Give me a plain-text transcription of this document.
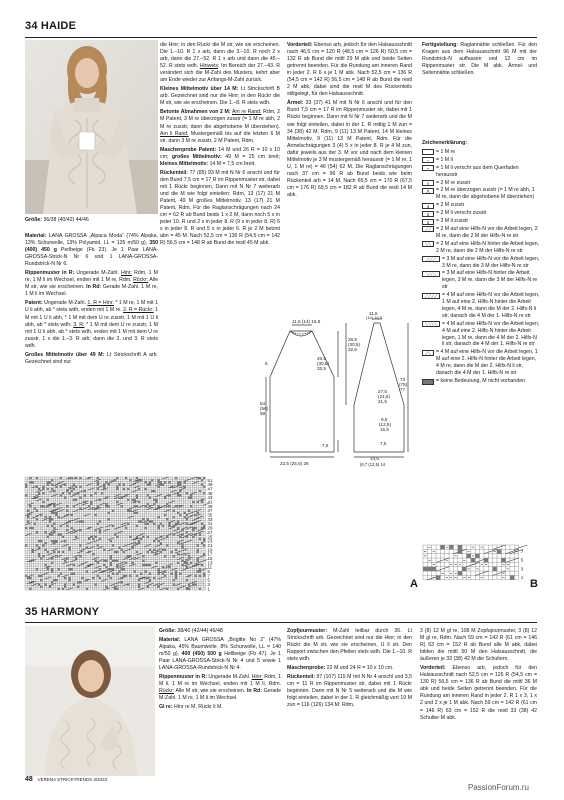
34 HAIDE
Größe: 36/38 (40/42) 44/46

Material: LANA GROSSA „Alpaca Moda“ (74% Alpaka, 13% Schurwolle, 13% Polyamid, LL = 135 m/50 g), 350 (400) 450 g Perlbeige (Fb 23). Je 1 Paar LANA-GROSSA-Strick-N Nr 6 und 1 LANA-GROSSA-Rundstrick-N Nr 6.

Rippenmuster in R: Ungerade M-Zahl. Hinr: Rdm, 1 M re, 1 M li im Wechsel, enden mit 1 M re, Rdm. Rückr: Alle M str, wie sie erscheinen. In Rd: Gerade M-Zahl. 1 M re, 1 M li im Wechsel.

Patent: Ungerade M-Zahl. 1. R = Hinr: * 1 M re, 1 M mit 1 U li abh, ab * stets wdh, enden mit 1 M re. 2. R = Rückr: 1 M mit 1 U li abh, * 1 M mit dem U re zusstr, 1 M mit 1 U li abh, ab * stets wdh. 3. R: * 1 M mit dem U re zusstr, 1 M mit 1 U li abh, ab * stets wdh, enden mit 1 M mit dem U re zusstr. 1 x die 1.–3. R arb, dann die 2. und 3. R stets wdh.

Großes Mittelmotiv über 49 M: Lt Strickschrift A arb. Gezeichnet sind nur

die Hinr; in den Rückr die M str, wie sie erscheinen. Die 1.–10. R 1 x arb, dann die 3.–10. R noch 2 x arb, dann die 27.–52. R 1 x arb und dann die 45.–52. R stets wdh. Hinweis: Im Bereich der 27.–43. R verändert sich die M-Zahl des Musters, kehrt aber am Ende wieder zur Anfangs-M-Zahl zurück.

Kleines Mittelmotiv über 14 M: Lt Strickschrift B arb. Gezeichnet sind nur die Hinr; in den Rückr die M str, wie sie erscheinen. Die 1.–8. R stets wdh.

Betonte Abnahmen von 2 M: Am re Rand: Rdm, 2 M Patent, 3 M re überzogen zusstr (= 1 M re abh, 2 M re zusstr, dann die abgehobene M überziehen). Am li Rand: Mustergemäß bis auf die letzten 6 M str, dann 3 M re zusstr, 2 M Patent, Rdm.

Maschenprobe Patent: 14 M und 26 R = 10 x 10 cm; großes Mittelmotiv: 49 M = 25 cm breit; kleines Mittelmotiv: 14 M = 7,5 cm breit.

Rückenteil: 77 (85) 93 M mit N Nr 6 anschl und für den Bund 7,5 cm = 17 R im Rippenmuster str, dabei mit 1 Rückr beginnen. Dann mit N Nr 7 weiterarb und die M wie folgt einteilen: Rdm, 13 (17) 21 M Patent, 49 M großes Mittelmotiv, 13 (17) 21 M Patent, Rdm. Für die Raglanschrägungen nach 24 cm = 62 R ab Bund beids 1 x 2 M, dann noch 5 x in jeder 10. R und 2 x in jeder 8. R (9 x in jeder 8. R) 6 x in jeder 8. R und 5 x in jeder 6. R je 2 M betont abn = 45 M. Nach 52,5 cm = 136 R (54,5 cm = 142 R) 56,5 cm = 148 R ab Bund die restl 45 M abk.

Vorderteil: Ebenso arb, jedoch für den Halsausschnitt nach 46,5 cm = 120 R (48,5 cm = 126 R) 50,5 cm = 132 R ab Bund die mittl 29 M abk und beide Seiten getrennt beenden. Für die Rundung am inneren Rand in jeder 2. R 6 x je 1 M abk. Nach 52,5 cm = 136 R (54,5 cm = 142 R) 56,5 cm = 148 R ab Bund die restl 2 M abk, dabei sind die restl M des Rückenteils stillgelegt, für den Halsausschnitt.

Ärmel: 33 (37) 41 M mit N Nr 6 anschl und für den Bund 7,5 cm = 17 R im Rippenmuster str, dabei mit 1 Rückr beginnen. Dann mit N Nr 7 weiterarb und die M wie folgt einteilen, dabei in der 1. R mittig 1 M zun = 34 (38) 42 M: Rdm, 9 (11) 13 M Patent, 14 M kleines Mittelmotiv, 9 (11) 13 M Patent, Rdm. Für die Armelschrägungen 3 (4) 5 x in jeder 8. R je 4 M zun, dafür jeweils aus der 3. M vor und nach dem kleinen Mittelmotiv je 3 M mustergemäß herausstr (= 1 M re, 1 U, 1 M re) = 46 (54) 62 M. Die Raglanschrägungen nach 37 cm = 96 R ab Bund beids wie beim Rückenteil arb = 14 M. Nach 65,5 cm = 170 R (67,5 cm = 176 R) 69,5 cm = 182 R ab Bund die restl 14 M abk.

Fertigstellung: Raglannähte schließen. Für den Kragen aus dem Halsausschnitt 96 M mit der Rundstrick-N auffassen und 12 cm im Rippenmuster str. Die M abk. Ärmel- und Seitennähte schließen.

Zeichenerklärung:
= 1 M re
–	= 1 M li
~	= 1 M li verschr aus dem Querfaden herausstr
◊	= 2 M re zusstr
⋀	= 2 M re überzogen zusstr (= 1 M re abh, 1 M re, dann die abgehobene M überziehen)
4	= 2 M zusstr
3	= 2 M li verschr zusstr
3	= 3 M li zusstr
⟋⟋ = 2 M auf eine Hilfs-N vor die Arbeit legen, 2 M re, dann die 2 M der Hilfs-N re str
⟍⟍ = 2 M auf eine Hilfs-N hinter die Arbeit legen, 2 M re, dann die 2 M der Hilfs-N re str
⟋⟋⟋	= 3 M auf eine Hilfs-N vor die Arbeit legen, 3 M re, dann die 3 M der Hilfs-N re str
⟍⟍⟍	= 3 M auf eine Hilfs-N hinter die Arbeit legen, 3 M re, dann die 3 M der Hilfs-N re str
⟋⟋⟋⟋ = 4 M auf eine Hilfs-N vor die Arbeit legen, 1 M auf eine 2. Hilfs-N hinter die Arbeit legen, 4 M re, dann die M der 2. Hilfs-N li str, danach die 4 M der 1. Hilfs-N re str
⟍⟍⟍⟍ = 4 M auf eine Hilfs-N vor die Arbeit legen, 4 M auf eine 2. Hilfs-N hinter die Arbeit legen, 1 M re, dann die 4 M der 2. Hilfs-N li str, danach die 4 M der 1. Hilfs-N re str
⟋⟍ = 4 M auf eine Hilfs-N vor die Arbeit legen, 1 M auf eine 2. Hilfs-N hinter die Arbeit legen, 4 M re, dann die M der 2. Hilfs-N li str, danach die 4 M der 1. Hilfs-N re str
= keine Bedeutung, M nicht vorhanden
11,5 (14) 16,5
6
26,5
(30,5)
32,5
54
(56)
58
7,5
22,5 (25,5) 28
11,5
(14) 16,5
28,5
(30,5)
32,5
27,5
(24,5)
21,5
9,5
(12,5)
15,5
7,5
73
(75)
77
14,5
(6,7 (12,5) 14
1
3
5
7
9
11
13
15
17
19
21
23
25
27
29
31
33
35
37
39
41
43
45
47
49
51
A
1
3
5
7
B
35 HARMONY

Größe: 38/40 (42/44) 46/48

Material: LANA GROSSA „Brigitte No 2“ (47% Alpaka, 45% Baumwolle, 8% Schurwolle, LL = 140 m/50 g), 400 (450) 500 g Hellbeige (Fb 47). Je 1 Paar LANA-GROSSA-Strick-N Nr 4 und 5 sowie 1 LANA-GROSSA-Rundstrick-N Nr 4.

Rippenmuster in R: Ungerade M-Zahl. Hinr: Rdm, 1 M li, 1 M re im Wechsel, enden mit 1 M li, Rdm. Rückr: Alle M str, wie sie erscheinen. In Rd: Gerade M-Zahl. 1 M re, 1 M li im Wechsel.

Gl re: Hinr re M, Rückr li M.

Zopfjourmuster: M-Zahl teilbar durch 36. Lt Strickschrift arb. Gezeichnet sind nur die Hinr; in den Rückr die M str, wie sie erscheinen, U li str. Den Rapport zwischen den Pfeilen stets wdh. Die 1.–10. R stets wdh.

Maschenprobe: 22 M und 24 R = 10 x 10 cm.

Rückenteil: 97 (107) 115 M mit N Nr 4 anschl und 3,5 cm = 11 R im Rippenmuster str, dabei mit 1 Rückr beginnen. Dann mit N Nr 5 weiterarb und die M wie folgt einteilen, dabei in der 1. R gleichmäßig vert 19 M zun = 116 (126) 134 M: Rdm,

3 (8) 12 M gl re, 108 M Zopfajourmuster, 3 (8) 12 M gl re, Rdm. Nach 59 cm = 142 R (61 cm = 146 R) 63 cm = 152 R ab Bund alle M abk, dabei bilden die mittl 50 M den Halsausschnitt, die äußeren je 33 (38) 42 M die Schultern.

Vorderteil: Ebenso arb, jedoch für den Halsausschnitt nach 52,5 cm = 126 R (54,5 cm = 130 R) 56,5 cm = 136 R ab Bund die mittl 36 M abk und beide Seiten getrennt beenden. Für die Rundung am inneren Rand in jeder 2. R 1 x 3, 1 x 2 und 2 x je 1 M abk. Nach 59 cm = 142 R (61 cm = 146 R) 63 cm = 152 R die restl 33 (38) 42 Schulter-M abk.

48 VERENA STRICKTRENDS 3/2023
PassionForum.ru
